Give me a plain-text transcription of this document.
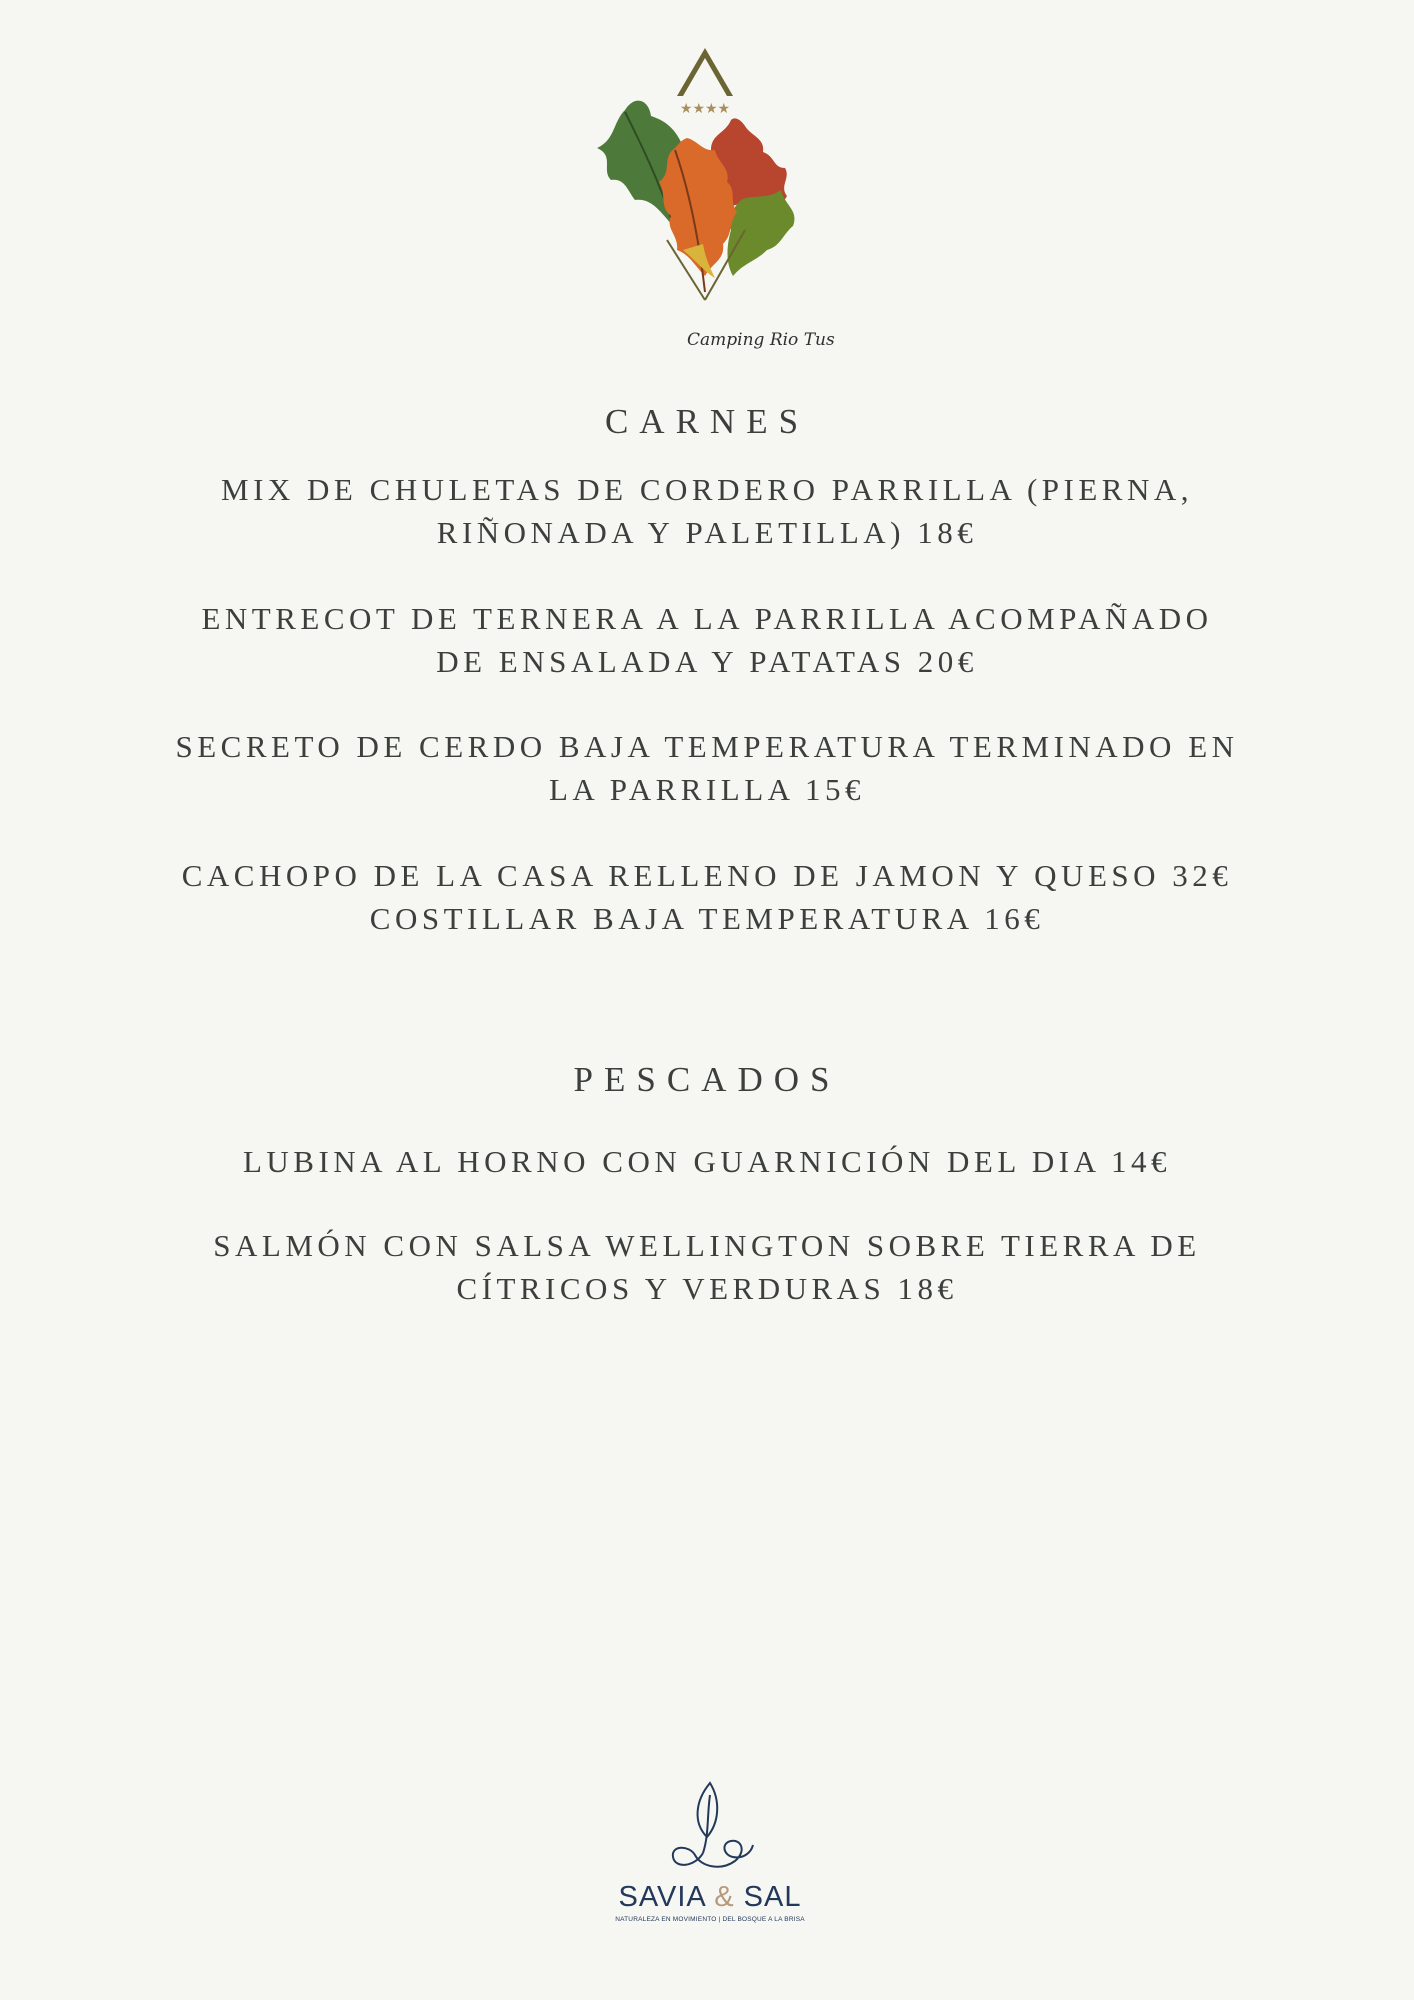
★★★★
Camping Rio Tus
CARNES
MIX DE CHULETAS DE CORDERO PARRILLA (PIERNA,
RIÑONADA Y PALETILLA) 18€
ENTRECOT DE TERNERA A LA PARRILLA ACOMPAÑADO
DE ENSALADA Y PATATAS 20€
SECRETO DE CERDO BAJA TEMPERATURA TERMINADO EN
LA PARRILLA 15€
CACHOPO DE LA CASA RELLENO DE JAMON Y QUESO 32€
COSTILLAR BAJA TEMPERATURA 16€
PESCADOS
LUBINA AL HORNO CON GUARNICIÓN DEL DIA 14€
SALMÓN CON SALSA WELLINGTON SOBRE TIERRA DE
CÍTRICOS Y VERDURAS 18€
SAVIA & SAL
NATURALEZA EN MOVIMIENTO | DEL BOSQUE A LA BRISA
